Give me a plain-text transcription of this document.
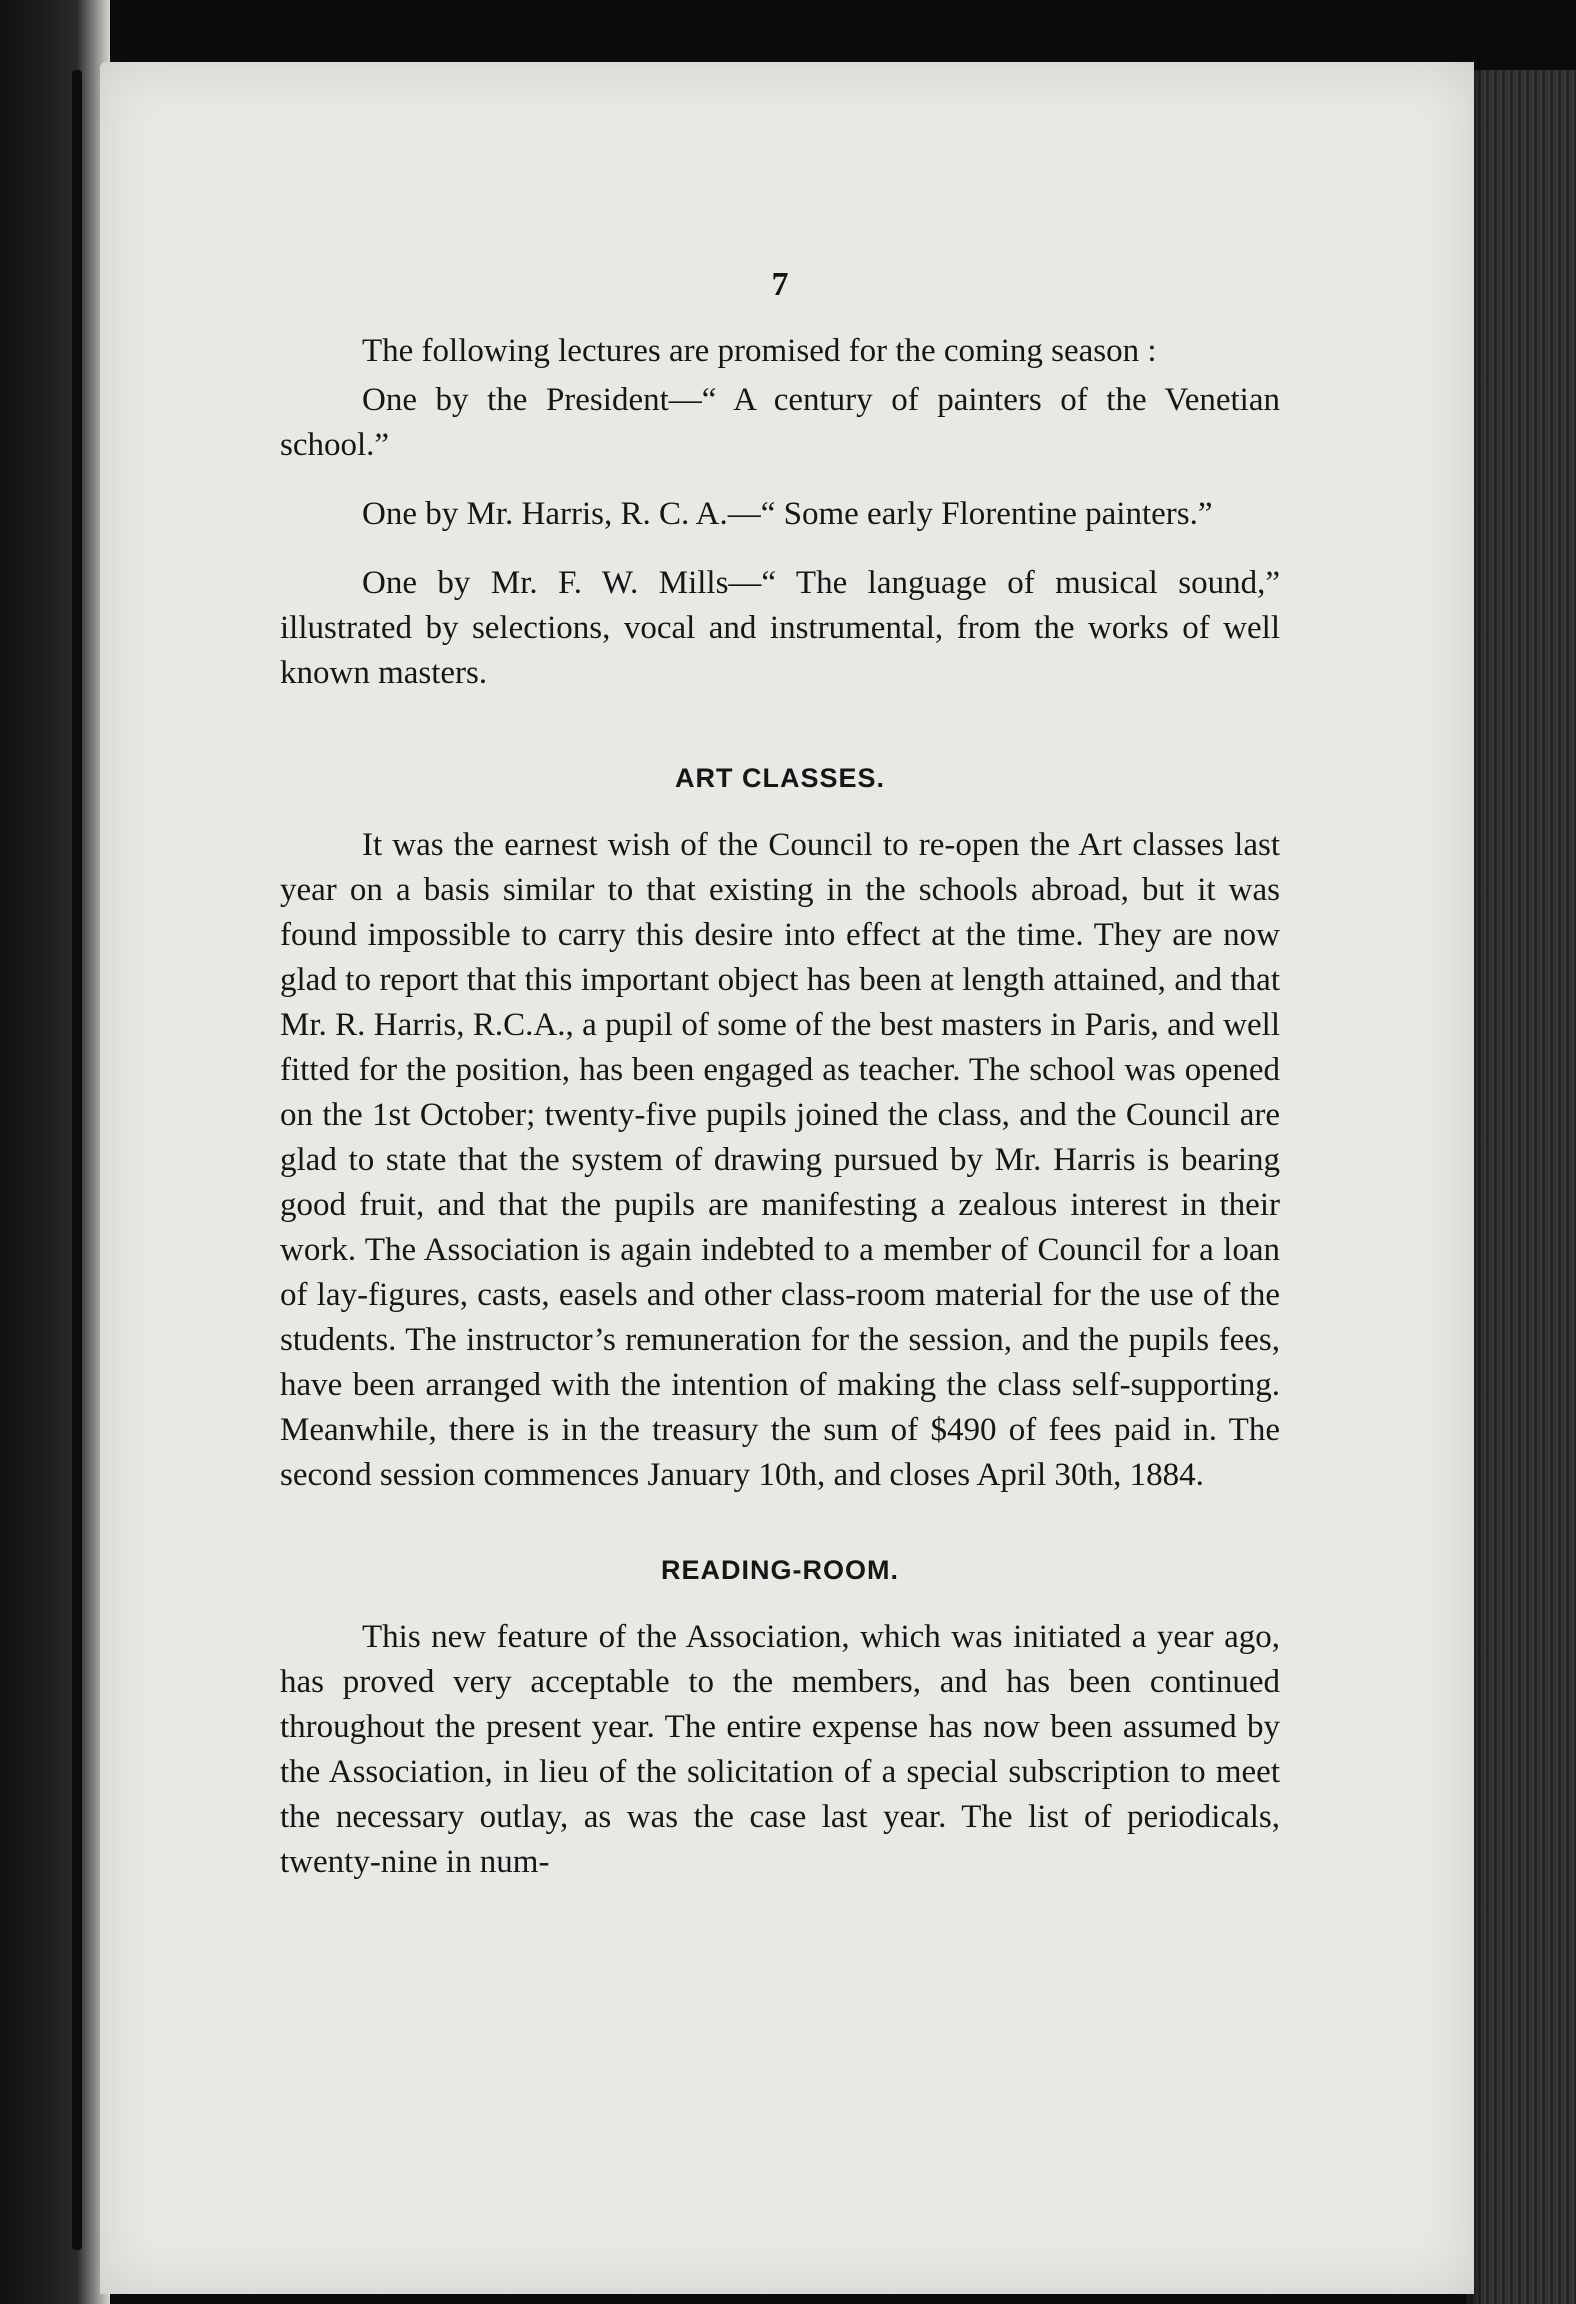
7

The following lectures are promised for the coming season :

One by the President—“ A century of painters of the Venetian school.”

One by Mr. Harris, R. C. A.—“ Some early Florentine painters.”

One by Mr. F. W. Mills—“ The language of musical sound,” illustrated by selections, vocal and instrumental, from the works of well known masters.

ART CLASSES.

It was the earnest wish of the Council to re-open the Art classes last year on a basis similar to that existing in the schools abroad, but it was found impossible to carry this desire into effect at the time. They are now glad to report that this important object has been at length attained, and that Mr. R. Harris, R.C.A., a pupil of some of the best masters in Paris, and well fitted for the position, has been engaged as teacher. The school was opened on the 1st October; twenty-five pupils joined the class, and the Council are glad to state that the system of drawing pursued by Mr. Harris is bearing good fruit, and that the pupils are manifesting a zealous interest in their work. The Association is again indebted to a member of Council for a loan of lay-figures, casts, easels and other class-room material for the use of the students. The instructor’s remuneration for the session, and the pupils fees, have been arranged with the intention of making the class self-supporting. Meanwhile, there is in the treasury the sum of $490 of fees paid in. The second session commences January 10th, and closes April 30th, 1884.

READING-ROOM.

This new feature of the Association, which was initiated a year ago, has proved very acceptable to the members, and has been continued throughout the present year. The entire expense has now been assumed by the Association, in lieu of the solicitation of a special subscription to meet the necessary outlay, as was the case last year. The list of periodicals, twenty-nine in num-
